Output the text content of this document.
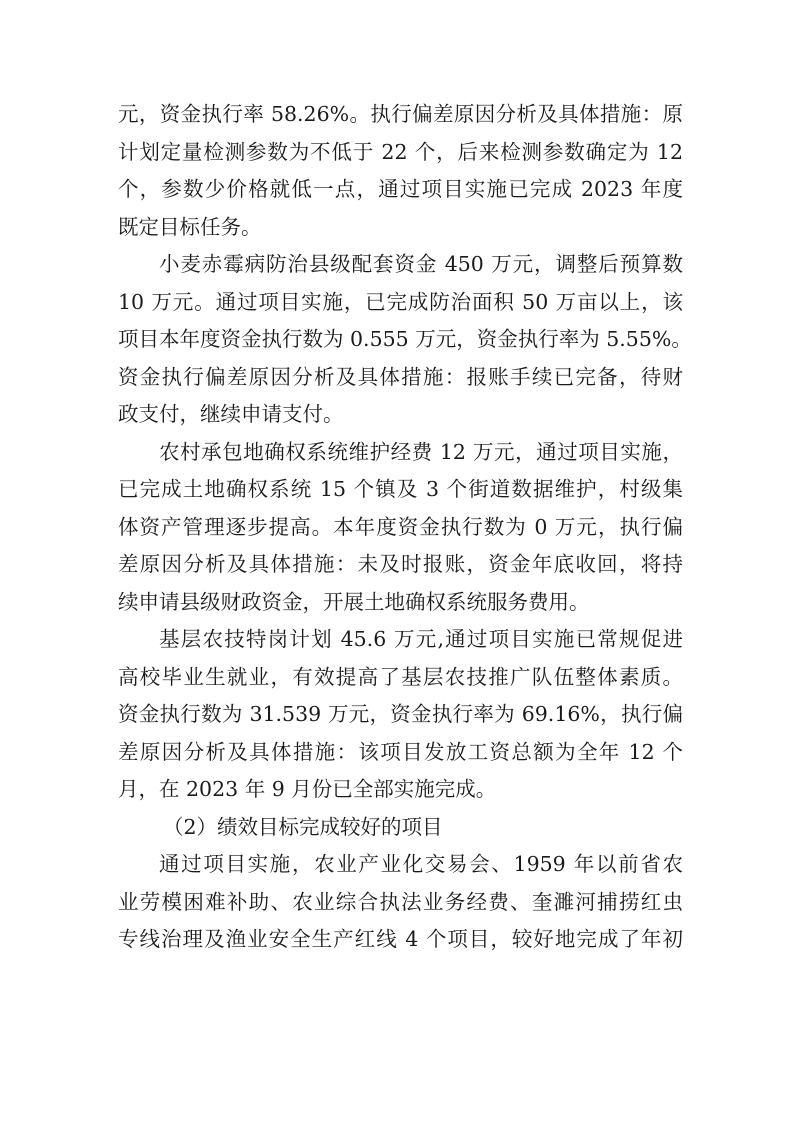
元，资金执行率 58.26%。执行偏差原因分析及具体措施：原
计划定量检测参数为不低于 22 个，后来检测参数确定为 12
个，参数少价格就低一点，通过项目实施已完成 2023 年度
既定目标任务。
小麦赤霉病防治县级配套资金 450 万元，调整后预算数
10 万元。通过项目实施，已完成防治面积 50 万亩以上，该
项目本年度资金执行数为 0.555 万元，资金执行率为 5.55%。
资金执行偏差原因分析及具体措施：报账手续已完备，待财
政支付，继续申请支付。
农村承包地确权系统维护经费 12 万元，通过项目实施，
已完成土地确权系统 15 个镇及 3 个街道数据维护，村级集
体资产管理逐步提高。本年度资金执行数为 0 万元，执行偏
差原因分析及具体措施：未及时报账，资金年底收回，将持
续申请县级财政资金，开展土地确权系统服务费用。
基层农技特岗计划 45.6 万元,通过项目实施已常规促进
高校毕业生就业，有效提高了基层农技推广队伍整体素质。
资金执行数为 31.539 万元，资金执行率为 69.16%，执行偏
差原因分析及具体措施：该项目发放工资总额为全年 12 个
月，在 2023 年 9 月份已全部实施完成。
（2）绩效目标完成较好的项目
通过项目实施，农业产业化交易会、1959 年以前省农
业劳模困难补助、农业综合执法业务经费、奎濉河捕捞红虫
专线治理及渔业安全生产红线 4 个项目，较好地完成了年初
